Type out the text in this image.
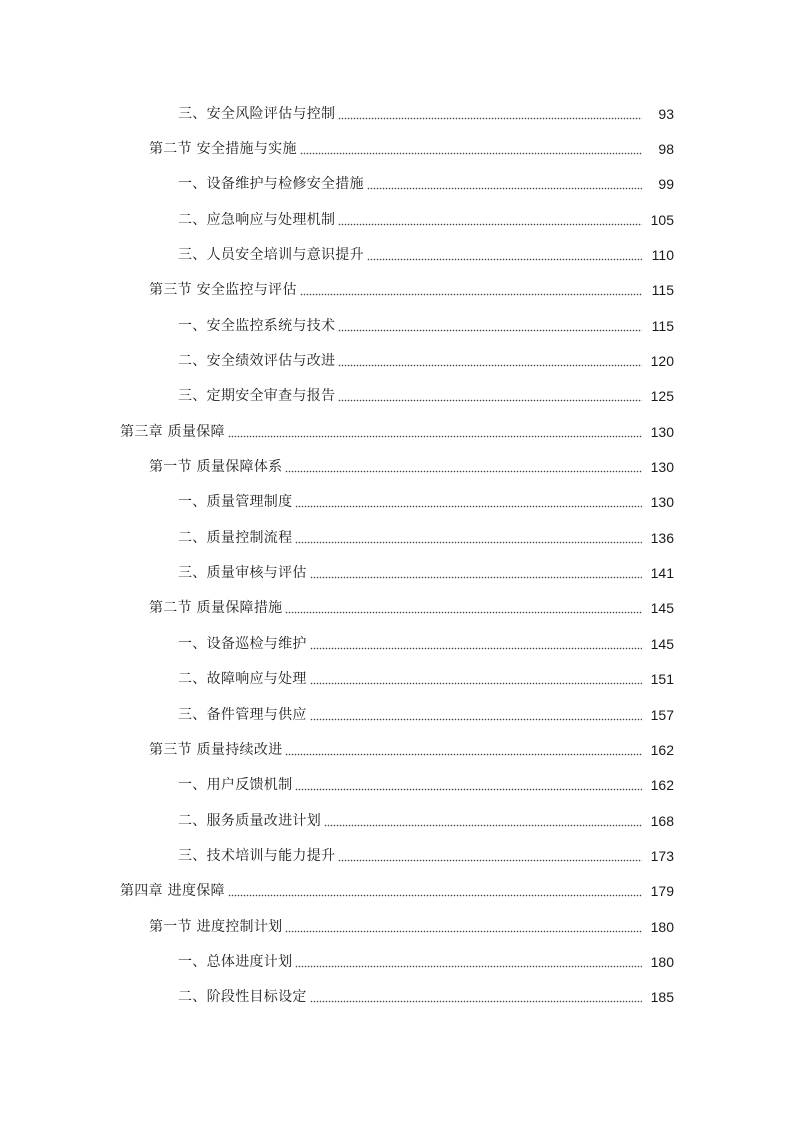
三、安全风险评估与控制	93
第二节 安全措施与实施	98
一、设备维护与检修安全措施	99
二、应急响应与处理机制	105
三、人员安全培训与意识提升	110
第三节 安全监控与评估	115
一、安全监控系统与技术	115
二、安全绩效评估与改进	120
三、定期安全审查与报告	125
第三章 质量保障	130
第一节 质量保障体系	130
一、质量管理制度	130
二、质量控制流程	136
三、质量审核与评估	141
第二节 质量保障措施	145
一、设备巡检与维护	145
二、故障响应与处理	151
三、备件管理与供应	157
第三节 质量持续改进	162
一、用户反馈机制	162
二、服务质量改进计划	168
三、技术培训与能力提升	173
第四章 进度保障	179
第一节 进度控制计划	180
一、总体进度计划	180
二、阶段性目标设定	185
